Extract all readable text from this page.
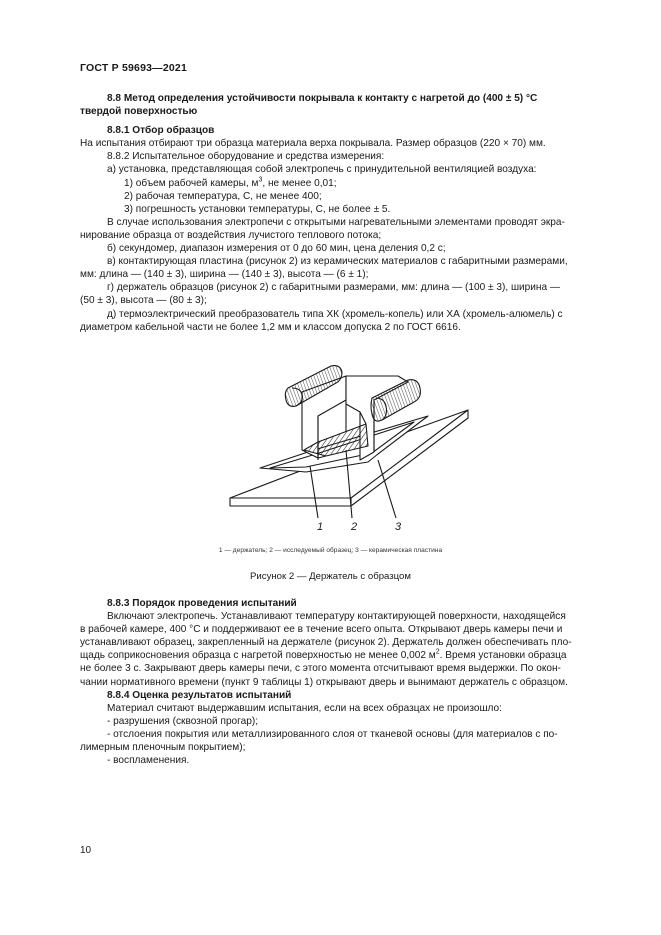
ГОСТ Р 59693—2021

8.8 Метод определения устойчивости покрывала к контакту с нагретой до (400 ± 5) °С

твердой поверхностью

8.8.1 Отбор образцов

На испытания отбирают три образца материала верха покрывала. Размер образцов (220 × 70) мм.

8.8.2 Испытательное оборудование и средства измерения:

а) установка, представляющая собой электропечь с принудительной вентиляцией воздуха:

1) объем рабочей камеры, $м^3$, не менее 0,01;

2) рабочая температура, С, не менее 400;

3) погрешность установки температуры, С, не более ± 5.

В случае использования электропечи с открытыми нагревательными элементами проводят экра-

нирование образца от воздействия лучистого теплового потока;

б) секундомер, диапазон измерения от 0 до 60 мин, цена деления 0,2 с;

в) контактирующая пластина (рисунок 2) из керамических материалов с габаритными размерами,

мм: длина — (140 ± 3), ширина — (140 ± 3), высота — (6 ± 1);

г) держатель образцов (рисунок 2) с габаритными размерами, мм: длина — (100 ± 3), ширина —

(50 ± 3), высота — (80 ± 3);

д) термоэлектрический преобразователь типа ХК (хромель-копель) или ХА (хромель-алюмель) с

диаметром кабельной части не более 1,2 мм и классом допуска 2 по ГОСТ 6616.

1	2	3
1 — держатель; 2 — исследуемый образец; 3 — керамическая пластина
Рисунок 2 — Держатель с образцом

8.8.3 Порядок проведения испытаний

Включают электропечь. Устанавливают температуру контактирующей поверхности, находящейся

в рабочей камере, 400 °С и поддерживают ее в течение всего опыта. Открывают дверь камеры печи и

устанавливают образец, закрепленный на держателе (рисунок 2). Держатель должен обеспечивать пло-

щадь соприкосновения образца с нагретой поверхностью не менее 0,002 $м^2$. Время установки образца

не более 3 с. Закрывают дверь камеры печи, с этого момента отсчитывают время выдержки. По окон-

чании нормативного времени (пункт 9 таблицы 1) открывают дверь и вынимают держатель с образцом.

8.8.4 Оценка результатов испытаний

Материал считают выдержавшим испытания, если на всех образцах не произошло:

- разрушения (сквозной прогар);

- отслоения покрытия или металлизированного слоя от тканевой основы (для материалов с по-

лимерным пленочным покрытием);

- воспламенения.

10
